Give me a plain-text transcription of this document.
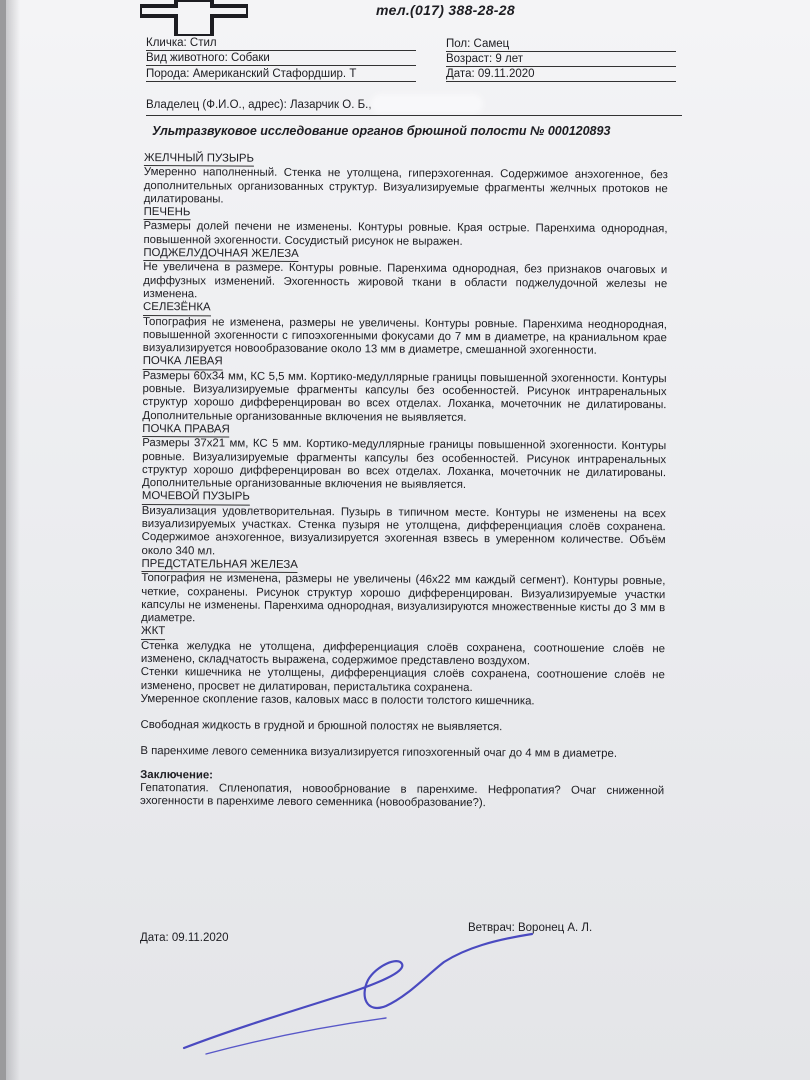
тел.(017) 388-28-28
Кличка: Стил
Вид животного: Собаки
Порода: Американский Стафордшир. Т
Пол: Самец
Возраст: 9 лет
Дата: 09.11.2020
Владелец (Ф.И.О., адрес): Лазарчик О. Б.,
Ультразвуковое исследование органов брюшной полости № 000120893
ЖЕЛЧНЫЙ ПУЗЫРЬ

Умеренно наполненный. Стенка не утолщена, гиперэхогенная. Содержимое анэхогенное, без дополнительных организованных структур. Визуализируемые фрагменты желчных протоков не дилатированы.

ПЕЧЕНЬ

Размеры долей печени не изменены. Контуры ровные. Края острые. Паренхима однородная, повышенной эхогенности. Сосудистый рисунок не выражен.

ПОДЖЕЛУДОЧНАЯ ЖЕЛЕЗА

Не увеличена в размере. Контуры ровные. Паренхима однородная, без признаков очаговых и диффузных изменений. Эхогенность жировой ткани в области поджелудочной железы не изменена.

СЕЛЕЗЁНКА

Топография не изменена, размеры не увеличены. Контуры ровные. Паренхима неоднородная, повышенной эхогенности с гипоэхогенными фокусами до 7 мм в диаметре, на краниальном крае визуализируется новообразование около 13 мм в диаметре, смешанной эхогенности.

ПОЧКА ЛЕВАЯ

Размеры 60х34 мм, КС 5,5 мм. Кортико-медуллярные границы повышенной эхогенности. Контуры ровные. Визуализируемые фрагменты капсулы без особенностей. Рисунок интраренальных структур хорошо дифференцирован во всех отделах. Лоханка, мочеточник не дилатированы. Дополнительные организованные включения не выявляется.

ПОЧКА ПРАВАЯ

Размеры 37х21 мм, КС 5 мм. Кортико-медуллярные границы повышенной эхогенности. Контуры ровные. Визуализируемые фрагменты капсулы без особенностей. Рисунок интраренальных структур хорошо дифференцирован во всех отделах. Лоханка, мочеточник не дилатированы. Дополнительные организованные включения не выявляется.

МОЧЕВОЙ ПУЗЫРЬ

Визуализация удовлетворительная. Пузырь в типичном месте. Контуры не изменены на всех визуализируемых участках. Стенка пузыря не утолщена, дифференциация слоёв сохранена. Содержимое анэхогенное, визуализируется эхогенная взвесь в умеренном количестве. Объём около 340 мл.

ПРЕДСТАТЕЛЬНАЯ ЖЕЛЕЗА

Топография не изменена, размеры не увеличены (46х22 мм каждый сегмент). Контуры ровные, четкие, сохранены. Рисунок структур хорошо дифференцирован. Визуализируемые участки капсулы не изменены. Паренхима однородная, визуализируются множественные кисты до 3 мм в диаметре.

ЖКТ

Стенка желудка не утолщена, дифференциация слоёв сохранена, соотношение слоёв не изменено, складчатость выражена, содержимое представлено воздухом.

Стенки кишечника не утолщены, дифференциация слоёв сохранена, соотношение слоёв не изменено, просвет не дилатирован, перистальтика сохранена.

Умеренное скопление газов, каловых масс в полости толстого кишечника.

Свободная жидкость в грудной и брюшной полостях не выявляется.

В паренхиме левого семенника визуализируется гипоэхогенный очаг до 4 мм в диаметре.

Заключение:

Гепатопатия. Спленопатия, новообрнование в паренхиме. Нефропатия? Очаг сниженной эхогенности в паренхиме левого семенника (новообразование?).

Дата: 09.11.2020
Ветврач: Воронец А. Л.
